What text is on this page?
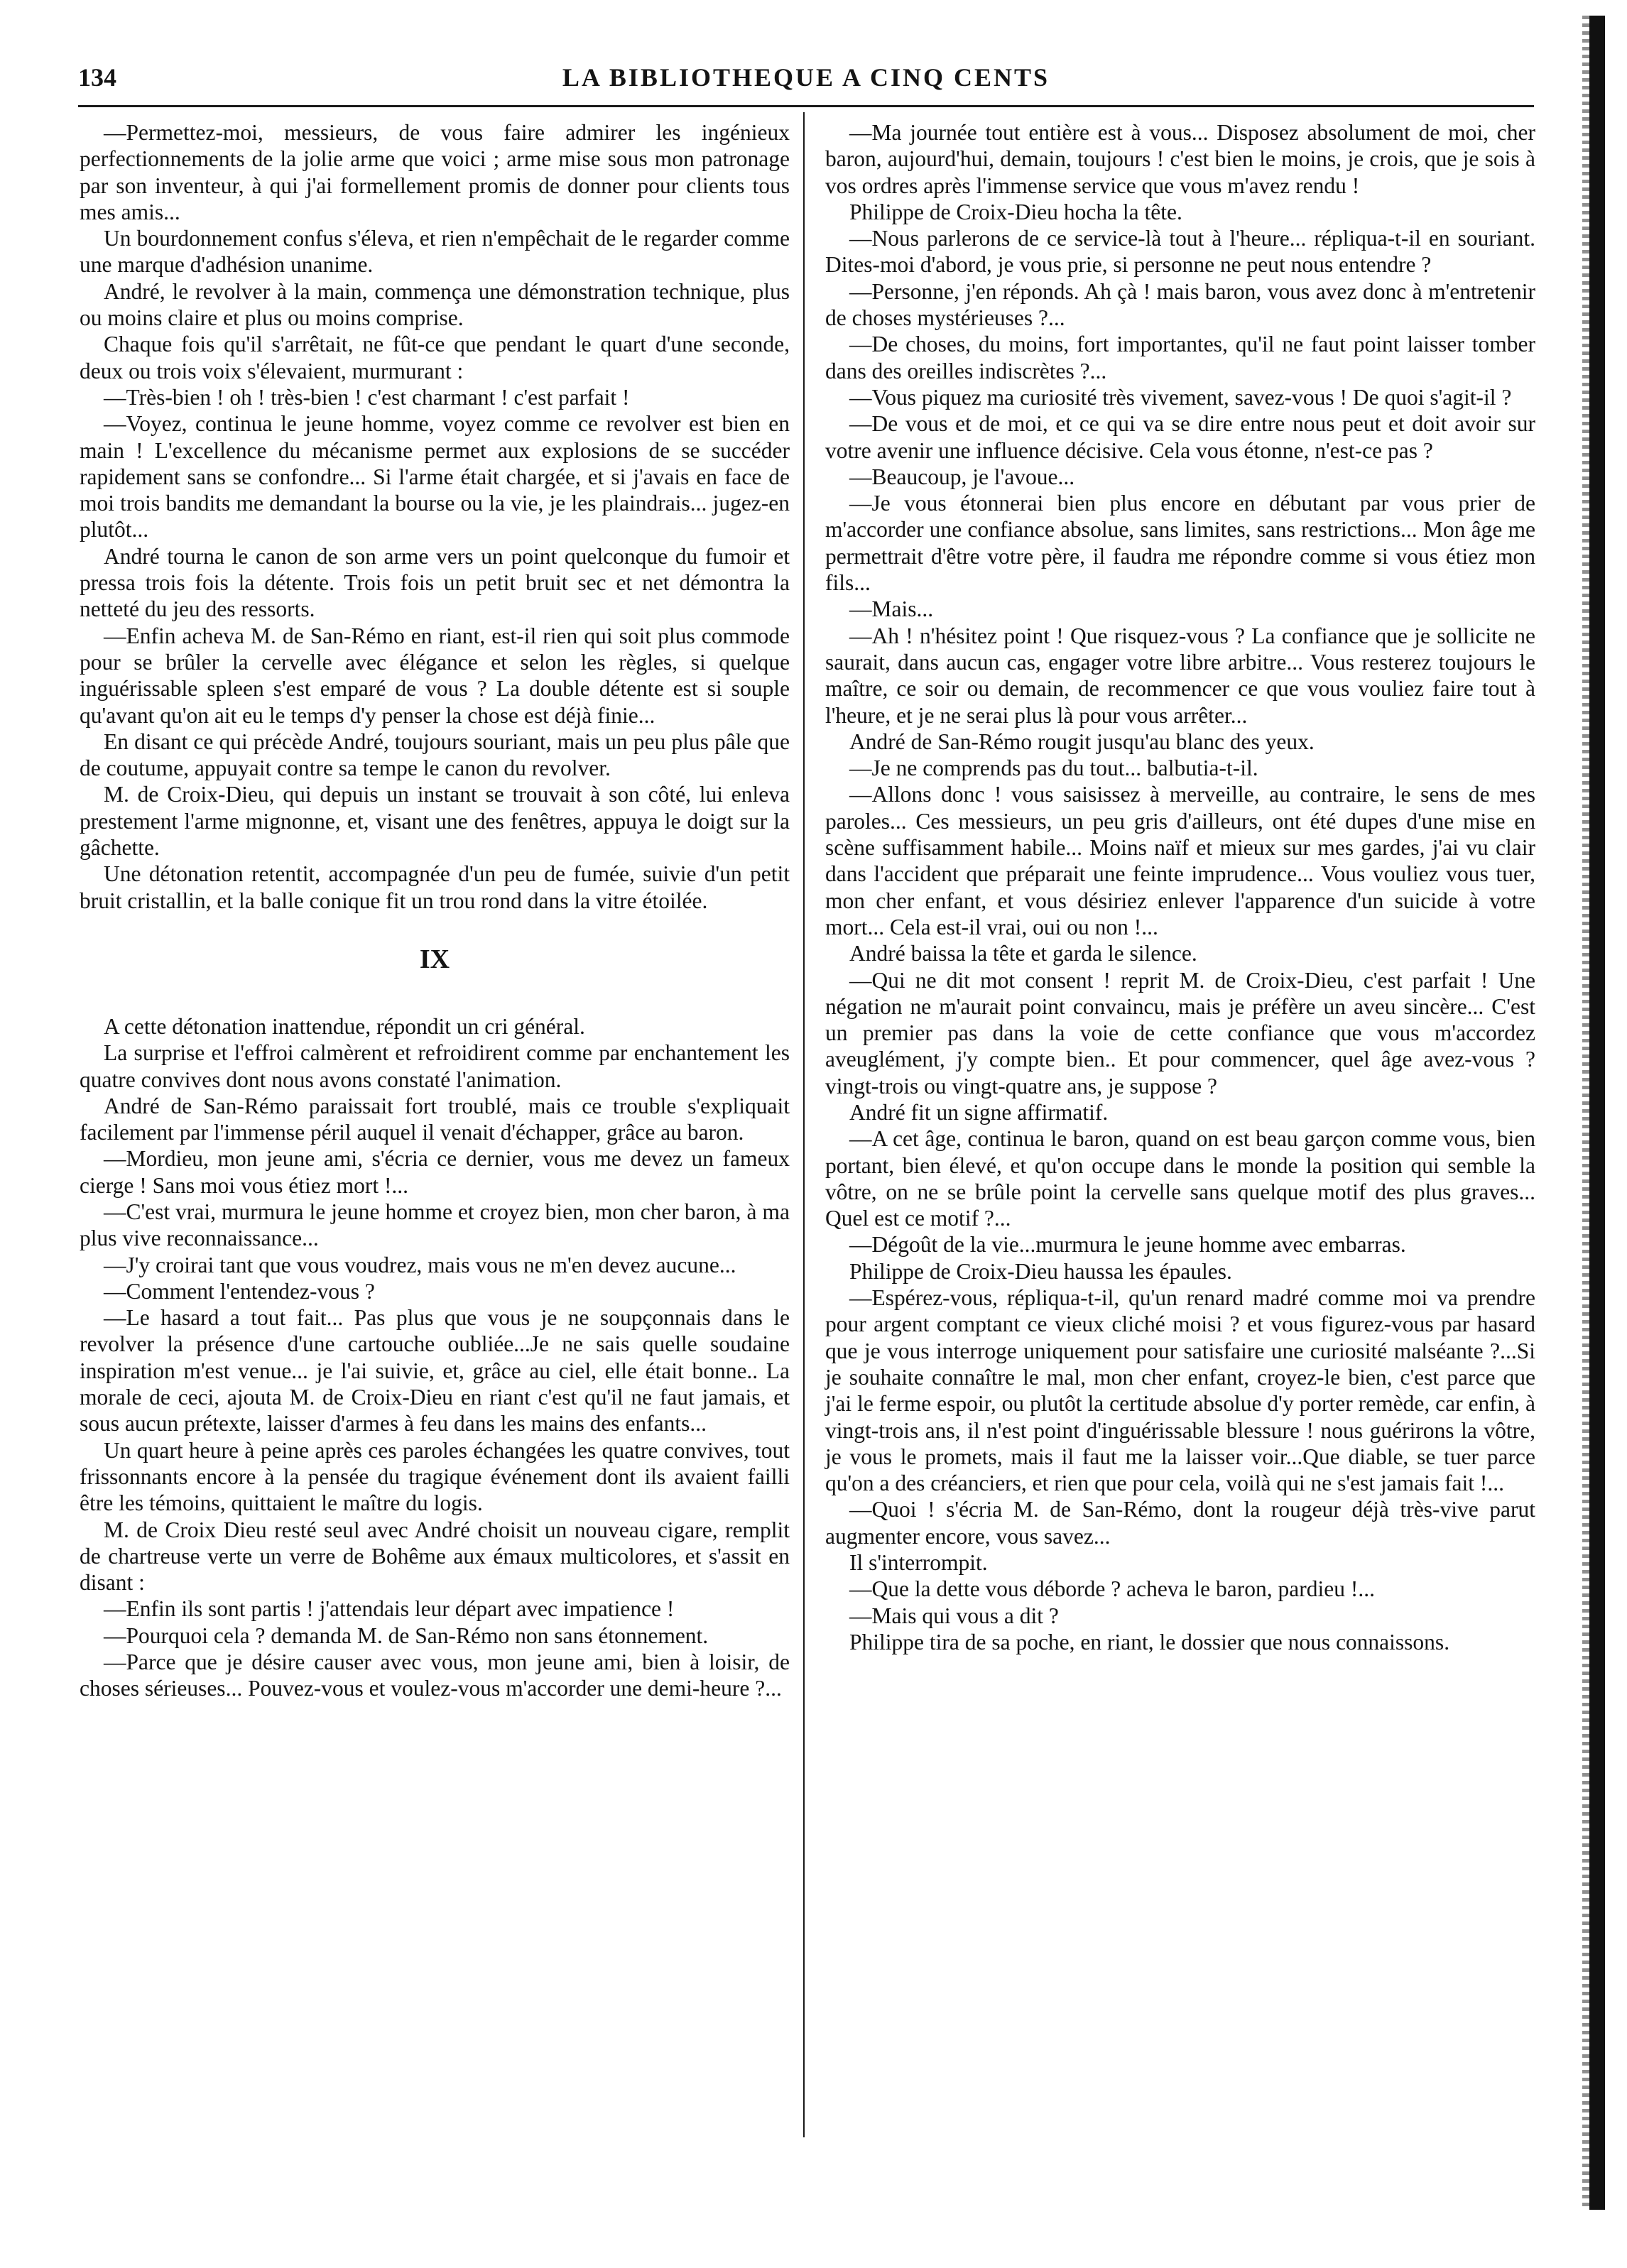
134	LA BIBLIOTHEQUE A CINQ CENTS

—Permettez-moi, messieurs, de vous faire admirer les ingénieux perfectionnements de la jolie arme que voici ; arme mise sous mon patronage par son inventeur, à qui j'ai formellement promis de donner pour clients tous mes amis...

Un bourdonnement confus s'éleva, et rien n'empêchait de le regarder comme une marque d'adhésion unanime.

André, le revolver à la main, commença une démonstration technique, plus ou moins claire et plus ou moins comprise.

Chaque fois qu'il s'arrêtait, ne fût-ce que pendant le quart d'une seconde, deux ou trois voix s'élevaient, murmurant :

—Très-bien ! oh ! très-bien ! c'est charmant ! c'est parfait !

—Voyez, continua le jeune homme, voyez comme ce revolver est bien en main ! L'excellence du mécanisme permet aux explosions de se succéder rapidement sans se confondre... Si l'arme était chargée, et si j'avais en face de moi trois bandits me demandant la bourse ou la vie, je les plaindrais... jugez-en plutôt...

André tourna le canon de son arme vers un point quelconque du fumoir et pressa trois fois la détente. Trois fois un petit bruit sec et net démontra la netteté du jeu des ressorts.

—Enfin acheva M. de San-Rémo en riant, est-il rien qui soit plus commode pour se brûler la cervelle avec élégance et selon les règles, si quelque inguérissable spleen s'est emparé de vous ? La double détente est si souple qu'avant qu'on ait eu le temps d'y penser la chose est déjà finie...

En disant ce qui précède André, toujours souriant, mais un peu plus pâle que de coutume, appuyait contre sa tempe le canon du revolver.

M. de Croix-Dieu, qui depuis un instant se trouvait à son côté, lui enleva prestement l'arme mignonne, et, visant une des fenêtres, appuya le doigt sur la gâchette.

Une détonation retentit, accompagnée d'un peu de fumée, suivie d'un petit bruit cristallin, et la balle conique fit un trou rond dans la vitre étoilée.

IX

A cette détonation inattendue, répondit un cri général.

La surprise et l'effroi calmèrent et refroidirent comme par enchantement les quatre convives dont nous avons constaté l'animation.

André de San-Rémo paraissait fort troublé, mais ce trouble s'expliquait facilement par l'immense péril auquel il venait d'échapper, grâce au baron.

—Mordieu, mon jeune ami, s'écria ce dernier, vous me devez un fameux cierge ! Sans moi vous étiez mort !...

—C'est vrai, murmura le jeune homme et croyez bien, mon cher baron, à ma plus vive reconnaissance...

—J'y croirai tant que vous voudrez, mais vous ne m'en devez aucune...

—Comment l'entendez-vous ?

—Le hasard a tout fait... Pas plus que vous je ne soupçonnais dans le revolver la présence d'une cartouche oubliée...Je ne sais quelle soudaine inspiration m'est venue... je l'ai suivie, et, grâce au ciel, elle était bonne.. La morale de ceci, ajouta M. de Croix-Dieu en riant c'est qu'il ne faut jamais, et sous aucun prétexte, laisser d'armes à feu dans les mains des enfants...

Un quart heure à peine après ces paroles échangées les quatre convives, tout frissonnants encore à la pensée du tragique événement dont ils avaient failli être les témoins, quittaient le maître du logis.

M. de Croix Dieu resté seul avec André choisit un nouveau cigare, remplit de chartreuse verte un verre de Bohême aux émaux multicolores, et s'assit en disant :

—Enfin ils sont partis ! j'attendais leur départ avec impatience !

—Pourquoi cela ? demanda M. de San-Rémo non sans étonnement.

—Parce que je désire causer avec vous, mon jeune ami, bien à loisir, de choses sérieuses... Pouvez-vous et voulez-vous m'accorder une demi-heure ?...

—Ma journée tout entière est à vous... Disposez absolument de moi, cher baron, aujourd'hui, demain, toujours ! c'est bien le moins, je crois, que je sois à vos ordres après l'immense service que vous m'avez rendu !

Philippe de Croix-Dieu hocha la tête.

—Nous parlerons de ce service-là tout à l'heure... répliqua-t-il en souriant. Dites-moi d'abord, je vous prie, si personne ne peut nous entendre ?

—Personne, j'en réponds. Ah çà ! mais baron, vous avez donc à m'entretenir de choses mystérieuses ?...

—De choses, du moins, fort importantes, qu'il ne faut point laisser tomber dans des oreilles indiscrètes ?...

—Vous piquez ma curiosité très vivement, savez-vous ! De quoi s'agit-il ?

—De vous et de moi, et ce qui va se dire entre nous peut et doit avoir sur votre avenir une influence décisive. Cela vous étonne, n'est-ce pas ?

—Beaucoup, je l'avoue...

—Je vous étonnerai bien plus encore en débutant par vous prier de m'accorder une confiance absolue, sans limites, sans restrictions... Mon âge me permettrait d'être votre père, il faudra me répondre comme si vous étiez mon fils...

—Mais...

—Ah ! n'hésitez point ! Que risquez-vous ? La confiance que je sollicite ne saurait, dans aucun cas, engager votre libre arbitre... Vous resterez toujours le maître, ce soir ou demain, de recommencer ce que vous vouliez faire tout à l'heure, et je ne serai plus là pour vous arrêter...

André de San-Rémo rougit jusqu'au blanc des yeux.

—Je ne comprends pas du tout... balbutia-t-il.

—Allons donc ! vous saisissez à merveille, au contraire, le sens de mes paroles... Ces messieurs, un peu gris d'ailleurs, ont été dupes d'une mise en scène suffisamment habile... Moins naïf et mieux sur mes gardes, j'ai vu clair dans l'accident que préparait une feinte imprudence... Vous vouliez vous tuer, mon cher enfant, et vous désiriez enlever l'apparence d'un suicide à votre mort... Cela est-il vrai, oui ou non !...

André baissa la tête et garda le silence.

—Qui ne dit mot consent ! reprit M. de Croix-Dieu, c'est parfait ! Une négation ne m'aurait point convaincu, mais je préfère un aveu sincère... C'est un premier pas dans la voie de cette confiance que vous m'accordez aveuglément, j'y compte bien.. Et pour commencer, quel âge avez-vous ? vingt-trois ou vingt-quatre ans, je suppose ?

André fit un signe affirmatif.

—A cet âge, continua le baron, quand on est beau garçon comme vous, bien portant, bien élevé, et qu'on occupe dans le monde la position qui semble la vôtre, on ne se brûle point la cervelle sans quelque motif des plus graves... Quel est ce motif ?...

—Dégoût de la vie...murmura le jeune homme avec embarras.

Philippe de Croix-Dieu haussa les épaules.

—Espérez-vous, répliqua-t-il, qu'un renard madré comme moi va prendre pour argent comptant ce vieux cliché moisi ? et vous figurez-vous par hasard que je vous interroge uniquement pour satisfaire une curiosité malséante ?...Si je souhaite connaître le mal, mon cher enfant, croyez-le bien, c'est parce que j'ai le ferme espoir, ou plutôt la certitude absolue d'y porter remède, car enfin, à vingt-trois ans, il n'est point d'inguérissable blessure ! nous guérirons la vôtre, je vous le promets, mais il faut me la laisser voir...Que diable, se tuer parce qu'on a des créanciers, et rien que pour cela, voilà qui ne s'est jamais fait !...

—Quoi ! s'écria M. de San-Rémo, dont la rougeur déjà très-vive parut augmenter encore, vous savez...

Il s'interrompit.

—Que la dette vous déborde ? acheva le baron, pardieu !...

—Mais qui vous a dit ?

Philippe tira de sa poche, en riant, le dossier que nous connaissons.
